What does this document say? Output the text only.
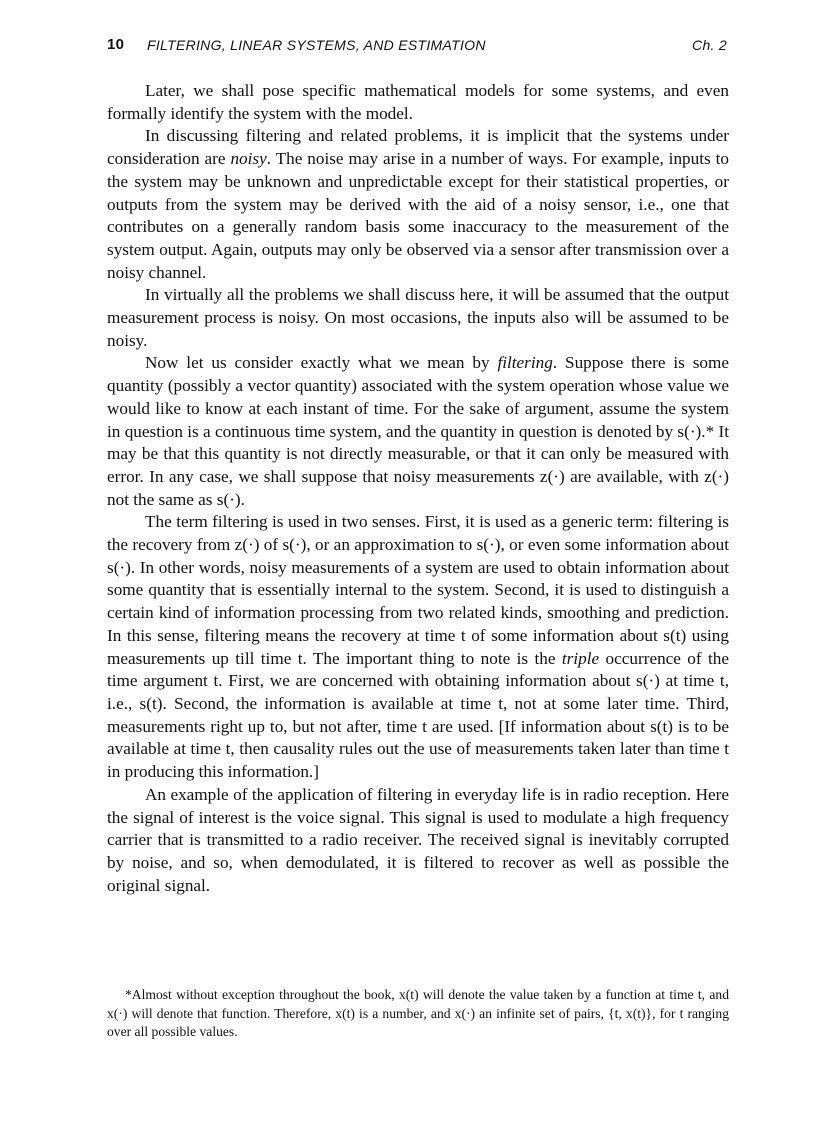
10 FILTERING, LINEAR SYSTEMS, AND ESTIMATION	Ch. 2

Later, we shall pose specific mathematical models for some systems, and even formally identify the system with the model.

In discussing filtering and related problems, it is implicit that the systems under consideration are noisy. The noise may arise in a number of ways. For example, inputs to the system may be unknown and unpredictable except for their statistical properties, or outputs from the system may be derived with the aid of a noisy sensor, i.e., one that contributes on a generally random basis some inaccuracy to the measurement of the system output. Again, outputs may only be observed via a sensor after transmission over a noisy channel.

In virtually all the problems we shall discuss here, it will be assumed that the output measurement process is noisy. On most occasions, the inputs also will be assumed to be noisy.

Now let us consider exactly what we mean by filtering. Suppose there is some quantity (possibly a vector quantity) associated with the system operation whose value we would like to know at each instant of time. For the sake of argument, assume the system in question is a continuous time system, and the quantity in question is denoted by s(·).* It may be that this quantity is not directly measurable, or that it can only be measured with error. In any case, we shall suppose that noisy measurements z(·) are available, with z(·) not the same as s(·).

The term filtering is used in two senses. First, it is used as a generic term: filtering is the recovery from z(·) of s(·), or an approximation to s(·), or even some information about s(·). In other words, noisy measurements of a system are used to obtain information about some quantity that is essentially internal to the system. Second, it is used to distinguish a certain kind of information processing from two related kinds, smoothing and prediction. In this sense, filtering means the recovery at time t of some information about s(t) using measurements up till time t. The important thing to note is the triple occurrence of the time argument t. First, we are concerned with obtaining information about s(·) at time t, i.e., s(t). Second, the information is available at time t, not at some later time. Third, measurements right up to, but not after, time t are used. [If information about s(t) is to be available at time t, then causality rules out the use of measurements taken later than time t in producing this information.]

An example of the application of filtering in everyday life is in radio reception. Here the signal of interest is the voice signal. This signal is used to modulate a high frequency carrier that is transmitted to a radio receiver. The received signal is inevitably corrupted by noise, and so, when demodulated, it is filtered to recover as well as possible the original signal.

*Almost without exception throughout the book, x(t) will denote the value taken by a function at time t, and x(·) will denote that function. Therefore, x(t) is a number, and x(·) an infinite set of pairs, {t, x(t)}, for t ranging over all possible values.
